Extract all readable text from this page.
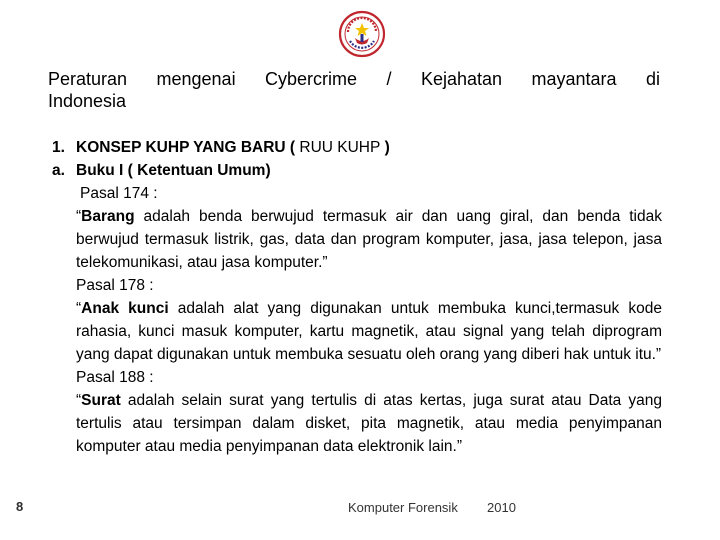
Peraturan mengenai Cybercrime / Kejahatan mayantara di
Indonesia
1. KONSEP KUHP YANG BARU ( RUU KUHP )
a. Buku I ( Ketentuan Umum)
Pasal 174 :
“Barang adalah benda berwujud termasuk air dan uang giral, dan benda tidak berwujud termasuk listrik, gas, data dan program komputer, jasa, jasa telepon, jasa telekomunikasi, atau jasa komputer.”
Pasal 178 :
“Anak kunci adalah alat yang digunakan untuk membuka kunci,termasuk kode rahasia, kunci masuk komputer, kartu magnetik, atau signal yang telah diprogram yang dapat digunakan untuk membuka sesuatu oleh orang yang diberi hak untuk itu.”
Pasal 188 :
“Surat adalah selain surat yang tertulis di atas kertas, juga surat atau Data yang tertulis atau tersimpan dalam disket, pita magnetik, atau media penyimpanan komputer atau media penyimpanan data elektronik lain.”
8	Komputer Forensik 2010
